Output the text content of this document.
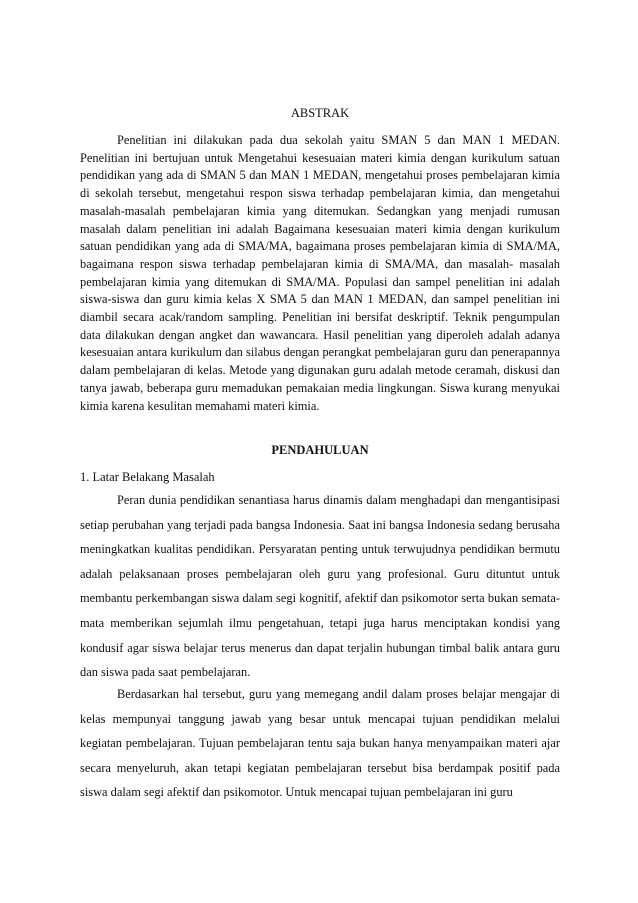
ABSTRAK

Penelitian ini dilakukan pada dua sekolah yaitu SMAN 5 dan MAN 1 MEDAN. Penelitian ini bertujuan untuk Mengetahui kesesuaian materi kimia dengan kurikulum satuan pendidikan yang ada di SMAN 5 dan MAN 1 MEDAN, mengetahui proses pembelajaran kimia di sekolah tersebut, mengetahui respon siswa terhadap pembelajaran kimia, dan mengetahui masalah-masalah pembelajaran kimia yang ditemukan. Sedangkan yang menjadi rumusan masalah dalam penelitian ini adalah Bagaimana kesesuaian materi kimia dengan kurikulum satuan pendidikan yang ada di SMA/MA, bagaimana proses pembelajaran kimia di SMA/MA, bagaimana respon siswa terhadap pembelajaran kimia di SMA/MA, dan masalah- masalah pembelajaran kimia yang ditemukan di SMA/MA. Populasi dan sampel penelitian ini adalah siswa-siswa dan guru kimia kelas X SMA 5 dan MAN 1 MEDAN, dan sampel penelitian ini diambil secara acak/random sampling. Penelitian ini bersifat deskriptif. Teknik pengumpulan data dilakukan dengan angket dan wawancara. Hasil penelitian yang diperoleh adalah adanya kesesuaian antara kurikulum dan silabus dengan perangkat pembelajaran guru dan penerapannya dalam pembelajaran di kelas. Metode yang digunakan guru adalah metode ceramah, diskusi dan tanya jawab, beberapa guru memadukan pemakaian media lingkungan. Siswa kurang menyukai kimia karena kesulitan memahami materi kimia.

PENDAHULUAN

1. Latar Belakang Masalah

Peran dunia pendidikan senantiasa harus dinamis dalam menghadapi dan mengantisipasi setiap perubahan yang terjadi pada bangsa Indonesia. Saat ini bangsa Indonesia sedang berusaha meningkatkan kualitas pendidikan. Persyaratan penting untuk terwujudnya pendidikan bermutu adalah pelaksanaan proses pembelajaran oleh guru yang profesional. Guru dituntut untuk membantu perkembangan siswa dalam segi kognitif, afektif dan psikomotor serta bukan semata-mata memberikan sejumlah ilmu pengetahuan, tetapi juga harus menciptakan kondisi yang kondusif agar siswa belajar terus menerus dan dapat terjalin hubungan timbal balik antara guru dan siswa pada saat pembelajaran.

Berdasarkan hal tersebut, guru yang memegang andil dalam proses belajar mengajar di kelas mempunyai tanggung jawab yang besar untuk mencapai tujuan pendidikan melalui kegiatan pembelajaran. Tujuan pembelajaran tentu saja bukan hanya menyampaikan materi ajar secara menyeluruh, akan tetapi kegiatan pembelajaran tersebut bisa berdampak positif pada siswa dalam segi afektif dan psikomotor. Untuk mencapai tujuan pembelajaran ini guru
